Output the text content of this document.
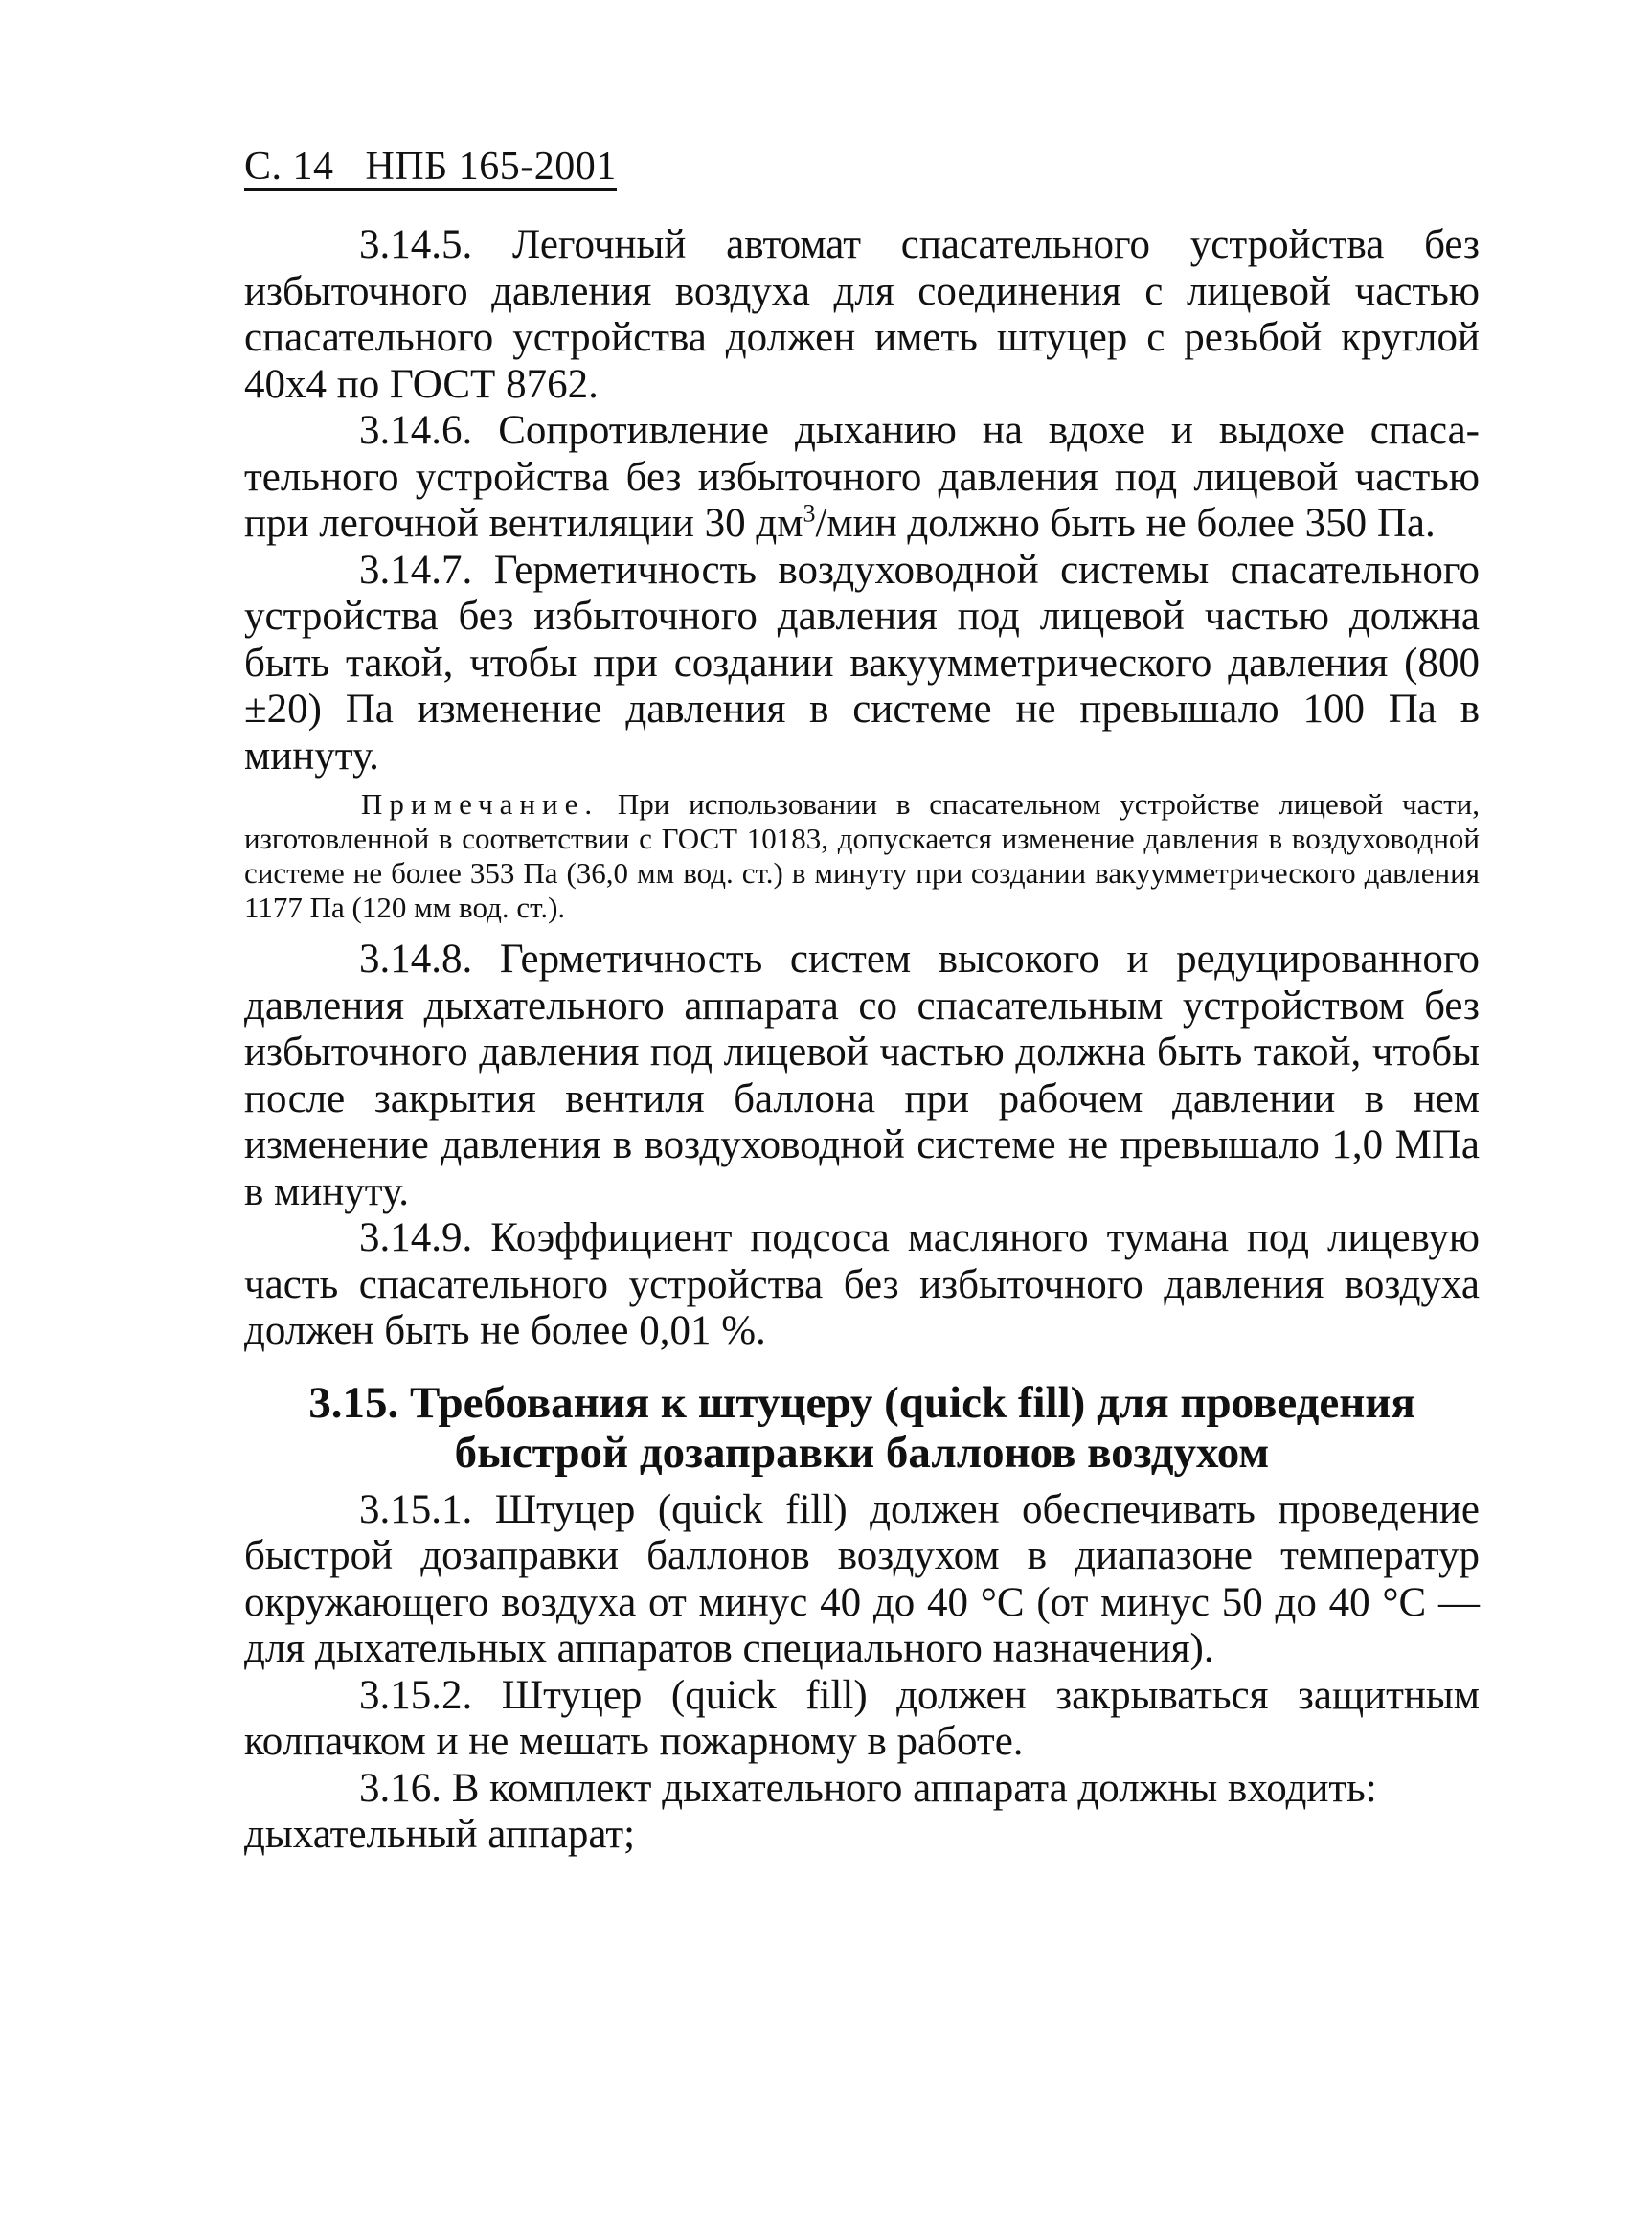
С. 14 НПБ 165-2001

3.14.5. Легочный автомат спасательного устройства без избыточного давления воздуха для соединения с лицевой частью спасательного устройства должен иметь штуцер с резьбой круглой 40х4 по ГОСТ 8762.

3.14.6. Сопротивление дыханию на вдохе и выдохе спасательного устройства без избыточного давления под лицевой частью при легочной вентиляции 30 $дм^3$/мин должно быть не более 350 Па.

3.14.7. Герметичность воздуховодной системы спасательного устройства без избыточного давления под лицевой частью должна быть такой, чтобы при создании вакуумметрического давления (800 ±20) Па изменение давления в системе не превышало 100 Па в минуту.

Примечание. При использовании в спасательном устройстве лицевой части, изготовленной в соответствии с ГОСТ 10183, допускается изменение давления в воздуховодной системе не более 353 Па (36,0 мм вод. ст.) в минуту при создании вакуумметрического давления 1177 Па (120 мм вод. ст.).

3.14.8. Герметичность систем высокого и редуцированного давления дыхательного аппарата со спасательным устройством без избыточного давления под лицевой частью должна быть такой, чтобы после закрытия вентиля баллона при рабочем давлении в нем изменение давления в воздуховодной системе не превышало 1,0 МПа в минуту.

3.14.9. Коэффициент подсоса масляного тумана под лицевую часть спасательного устройства без избыточного давления воздуха должен быть не более 0,01 %.

3.15. Требования к штуцеру (quick fill) для проведения быстрой дозаправки баллонов воздухом

3.15.1. Штуцер (quick fill) должен обеспечивать проведение быстрой дозаправки баллонов воздухом в диапазоне температур окружающего воздуха от минус 40 до 40 °С (от минус 50 до 40 °С — для дыхательных аппаратов специального назначения).

3.15.2. Штуцер (quick fill) должен закрываться защитным колпачком и не мешать пожарному в работе.

3.16. В комплект дыхательного аппарата должны входить:

дыхательный аппарат;
